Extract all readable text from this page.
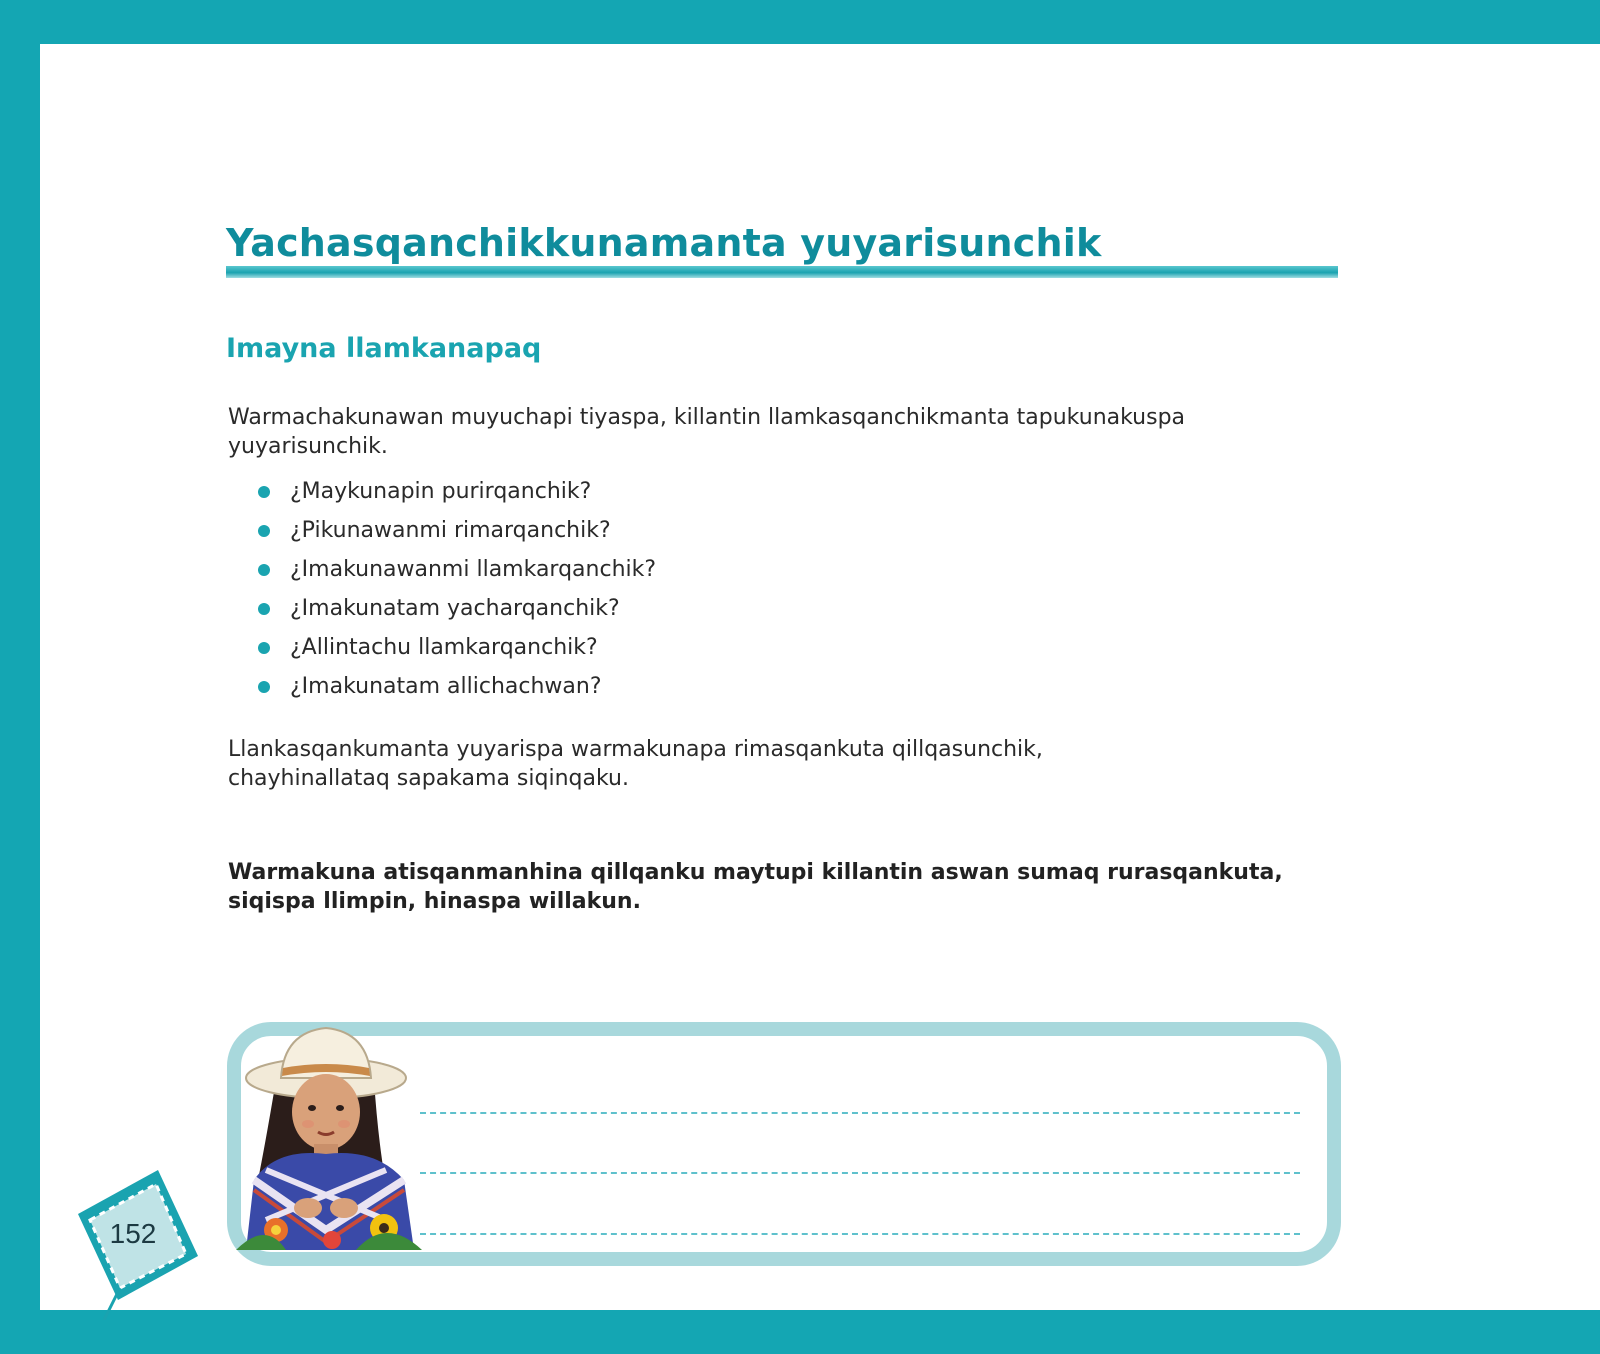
Yachasqanchikkunamanta yuyarisunchik
Imayna llamkanapaq

Warmachakunawan muyuchapi tiyaspa, killantin llamkasqanchikmanta tapukunakuspa yuyarisunchik.

¿Maykunapin purirqanchik?
¿Pikunawanmi rimarqanchik?
¿Imakunawanmi llamkarqanchik?
¿Imakunatam yacharqanchik?
¿Allintachu llamkarqanchik?
¿Imakunatam allichachwan?

Llankasqankumanta yuyarispa warmakunapa rimasqankuta qillqasunchik, chayhinallataq sapakama siqinqaku.

Warmakuna atisqanmanhina qillqanku maytupi killantin aswan sumaq rurasqankuta, siqispa llimpin, hinaspa willakun.

152
